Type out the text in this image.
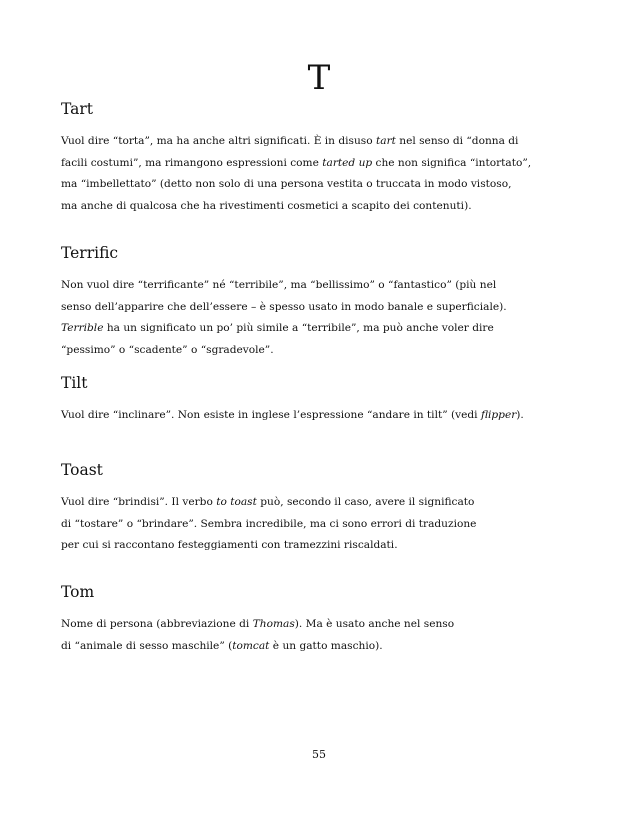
T
Tart

Vuol dire “torta”, ma ha anche altri significati. È in disuso tart nel senso di “donna di
facili costumi”, ma rimangono espressioni come tarted up che non significa “intortato”,
ma “imbellettato” (detto non solo di una persona vestita o truccata in modo vistoso,
ma anche di qualcosa che ha rivestimenti cosmetici a scapito dei contenuti).

Terrific

Non vuol dire “terrificante” né “terribile”, ma “bellissimo” o “fantastico” (più nel
senso dell’apparire che dell’essere – è spesso usato in modo banale e superficiale).
Terrible ha un significato un po’ più simile a “terribile”, ma può anche voler dire
“pessimo” o “scadente” o “sgradevole”.

Tilt

Vuol dire “inclinare”. Non esiste in inglese l’espressione “andare in tilt” (vedi flipper).

Toast

Vuol dire “brindisi”. Il verbo to toast può, secondo il caso, avere il significato
di “tostare” o “brindare”. Sembra incredibile, ma ci sono errori di traduzione
per cui si raccontano festeggiamenti con tramezzini riscaldati.

Tom

Nome di persona (abbreviazione di Thomas). Ma è usato anche nel senso
di “animale di sesso maschile” (tomcat è un gatto maschio).

55
